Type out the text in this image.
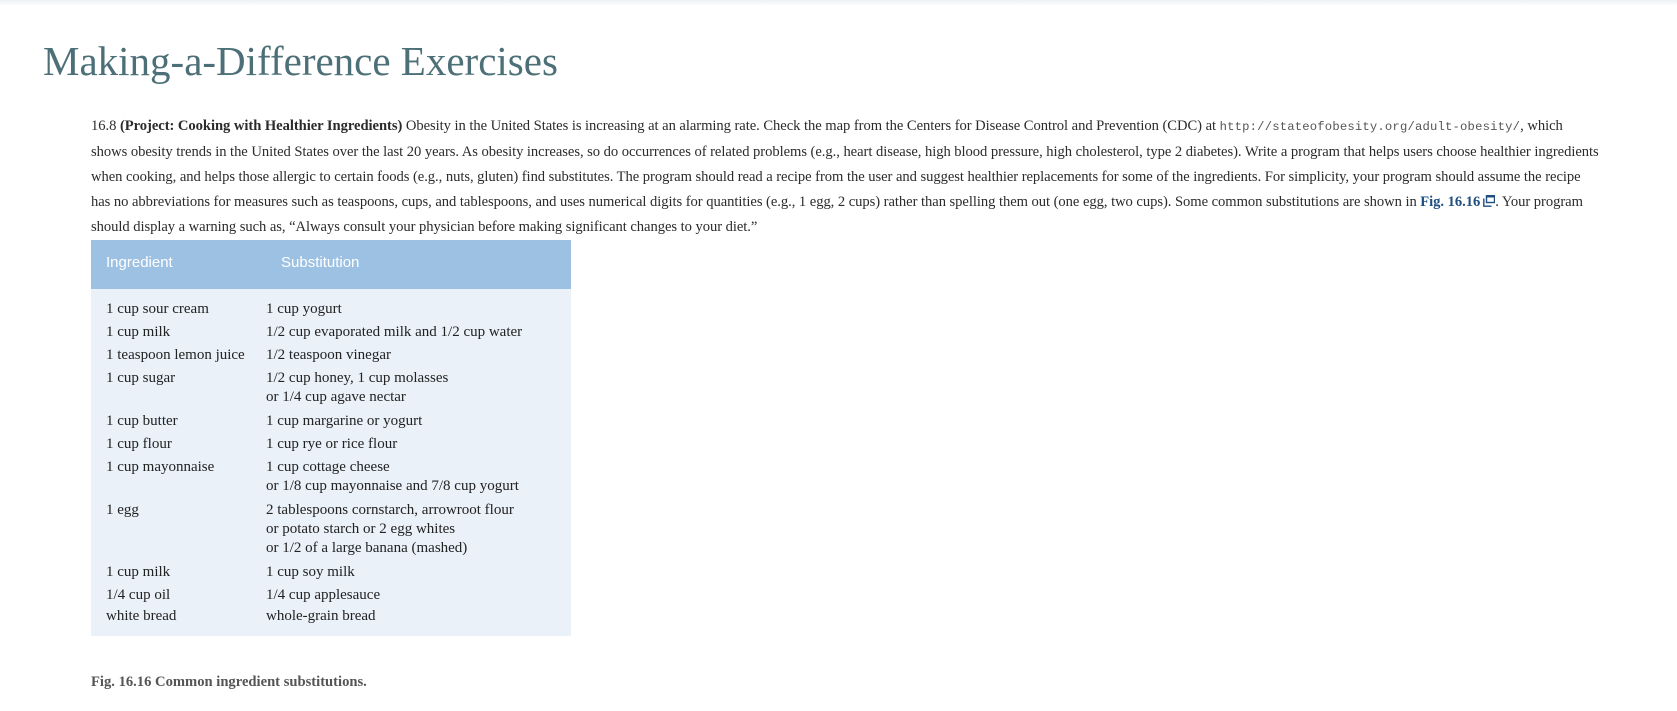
Making-a-Difference Exercises

16.8 (Project: Cooking with Healthier Ingredients) Obesity in the United States is increasing at an alarming rate. Check the map from the Centers for Disease Control and Prevention (CDC) at http://stateofobesity.org/adult-obesity/, which shows obesity trends in the United States over the last 20 years. As obesity increases, so do occurrences of related problems (e.g., heart disease, high blood pressure, high cholesterol, type 2 diabetes). Write a program that helps users choose healthier ingredients when cooking, and helps those allergic to certain foods (e.g., nuts, gluten) find substitutes. The program should read a recipe from the user and suggest healthier replacements for some of the ingredients. For simplicity, your program should assume the recipe has no abbreviations for measures such as teaspoons, cups, and tablespoons, and uses numerical digits for quantities (e.g., 1 egg, 2 cups) rather than spelling them out (one egg, two cups). Some common substitutions are shown in Fig. 16.16 . Your program should display a warning such as, “Always consult your physician before making significant changes to your diet.”

Ingredient	Substitution
1 cup sour cream	1 cup yogurt
1 cup milk	1/2 cup evaporated milk and 1/2 cup water
1 teaspoon lemon juice	1/2 teaspoon vinegar
1 cup sugar	1/2 cup honey, 1 cup molasses
or 1/4 cup agave nectar
1 cup butter	1 cup margarine or yogurt
1 cup flour	1 cup rye or rice flour
1 cup mayonnaise	1 cup cottage cheese
or 1/8 cup mayonnaise and 7/8 cup yogurt
1 egg	2 tablespoons cornstarch, arrowroot flour
or potato starch or 2 egg whites
or 1/2 of a large banana (mashed)
1 cup milk	1 cup soy milk
1/4 cup oil	1/4 cup applesauce
white bread	whole-grain bread

Fig. 16.16 Common ingredient substitutions.
